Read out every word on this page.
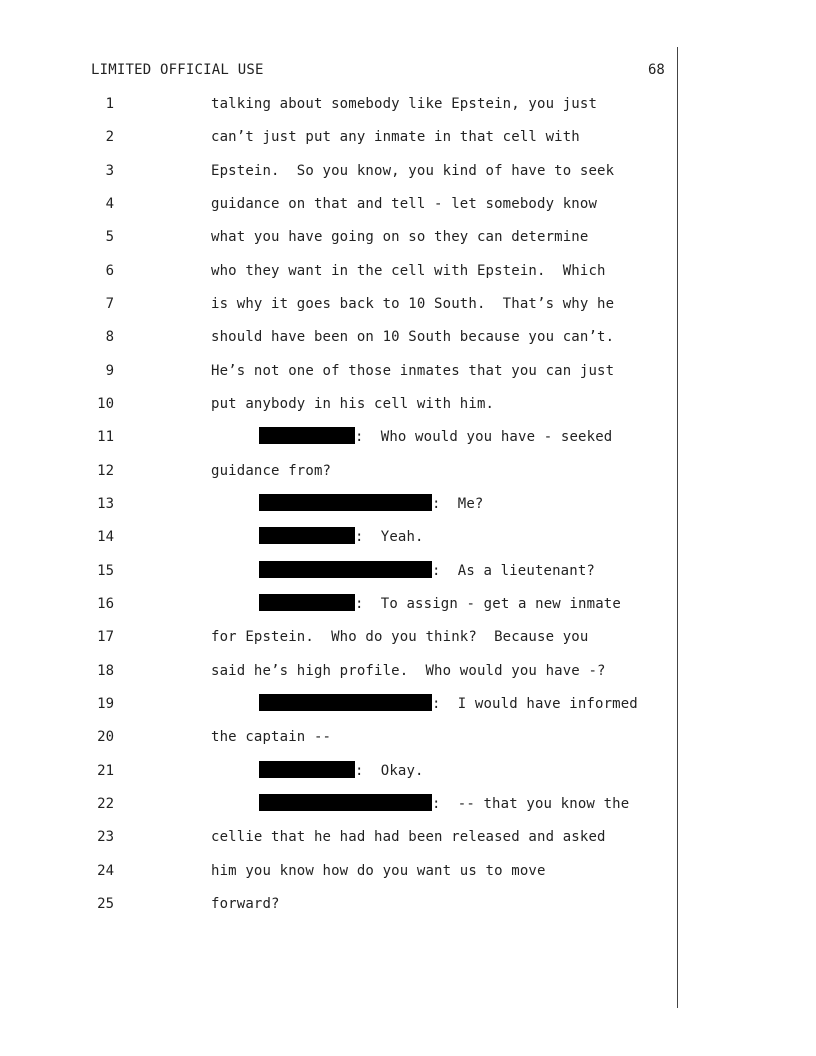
LIMITED OFFICIAL USE	68
1	talking about somebody like Epstein, you just
2	can’t just put any inmate in that cell with
3	Epstein.  So you know, you kind of have to seek
4	guidance on that and tell - let somebody know
5	what you have going on so they can determine
6	who they want in the cell with Epstein.  Which
7	is why it goes back to 10 South.  That’s why he
8	should have been on 10 South because you can’t.
9	He’s not one of those inmates that you can just
10	put anybody in his cell with him.
11	:  Who would you have - seeked
12	guidance from?
13	:  Me?
14	:  Yeah.
15	:  As a lieutenant?
16	:  To assign - get a new inmate
17	for Epstein.  Who do you think?  Because you
18	said he’s high profile.  Who would you have -?
19	:  I would have informed
20	the captain --
21	:  Okay.
22	:  -- that you know the
23	cellie that he had had been released and asked
24	him you know how do you want us to move
25	forward?
